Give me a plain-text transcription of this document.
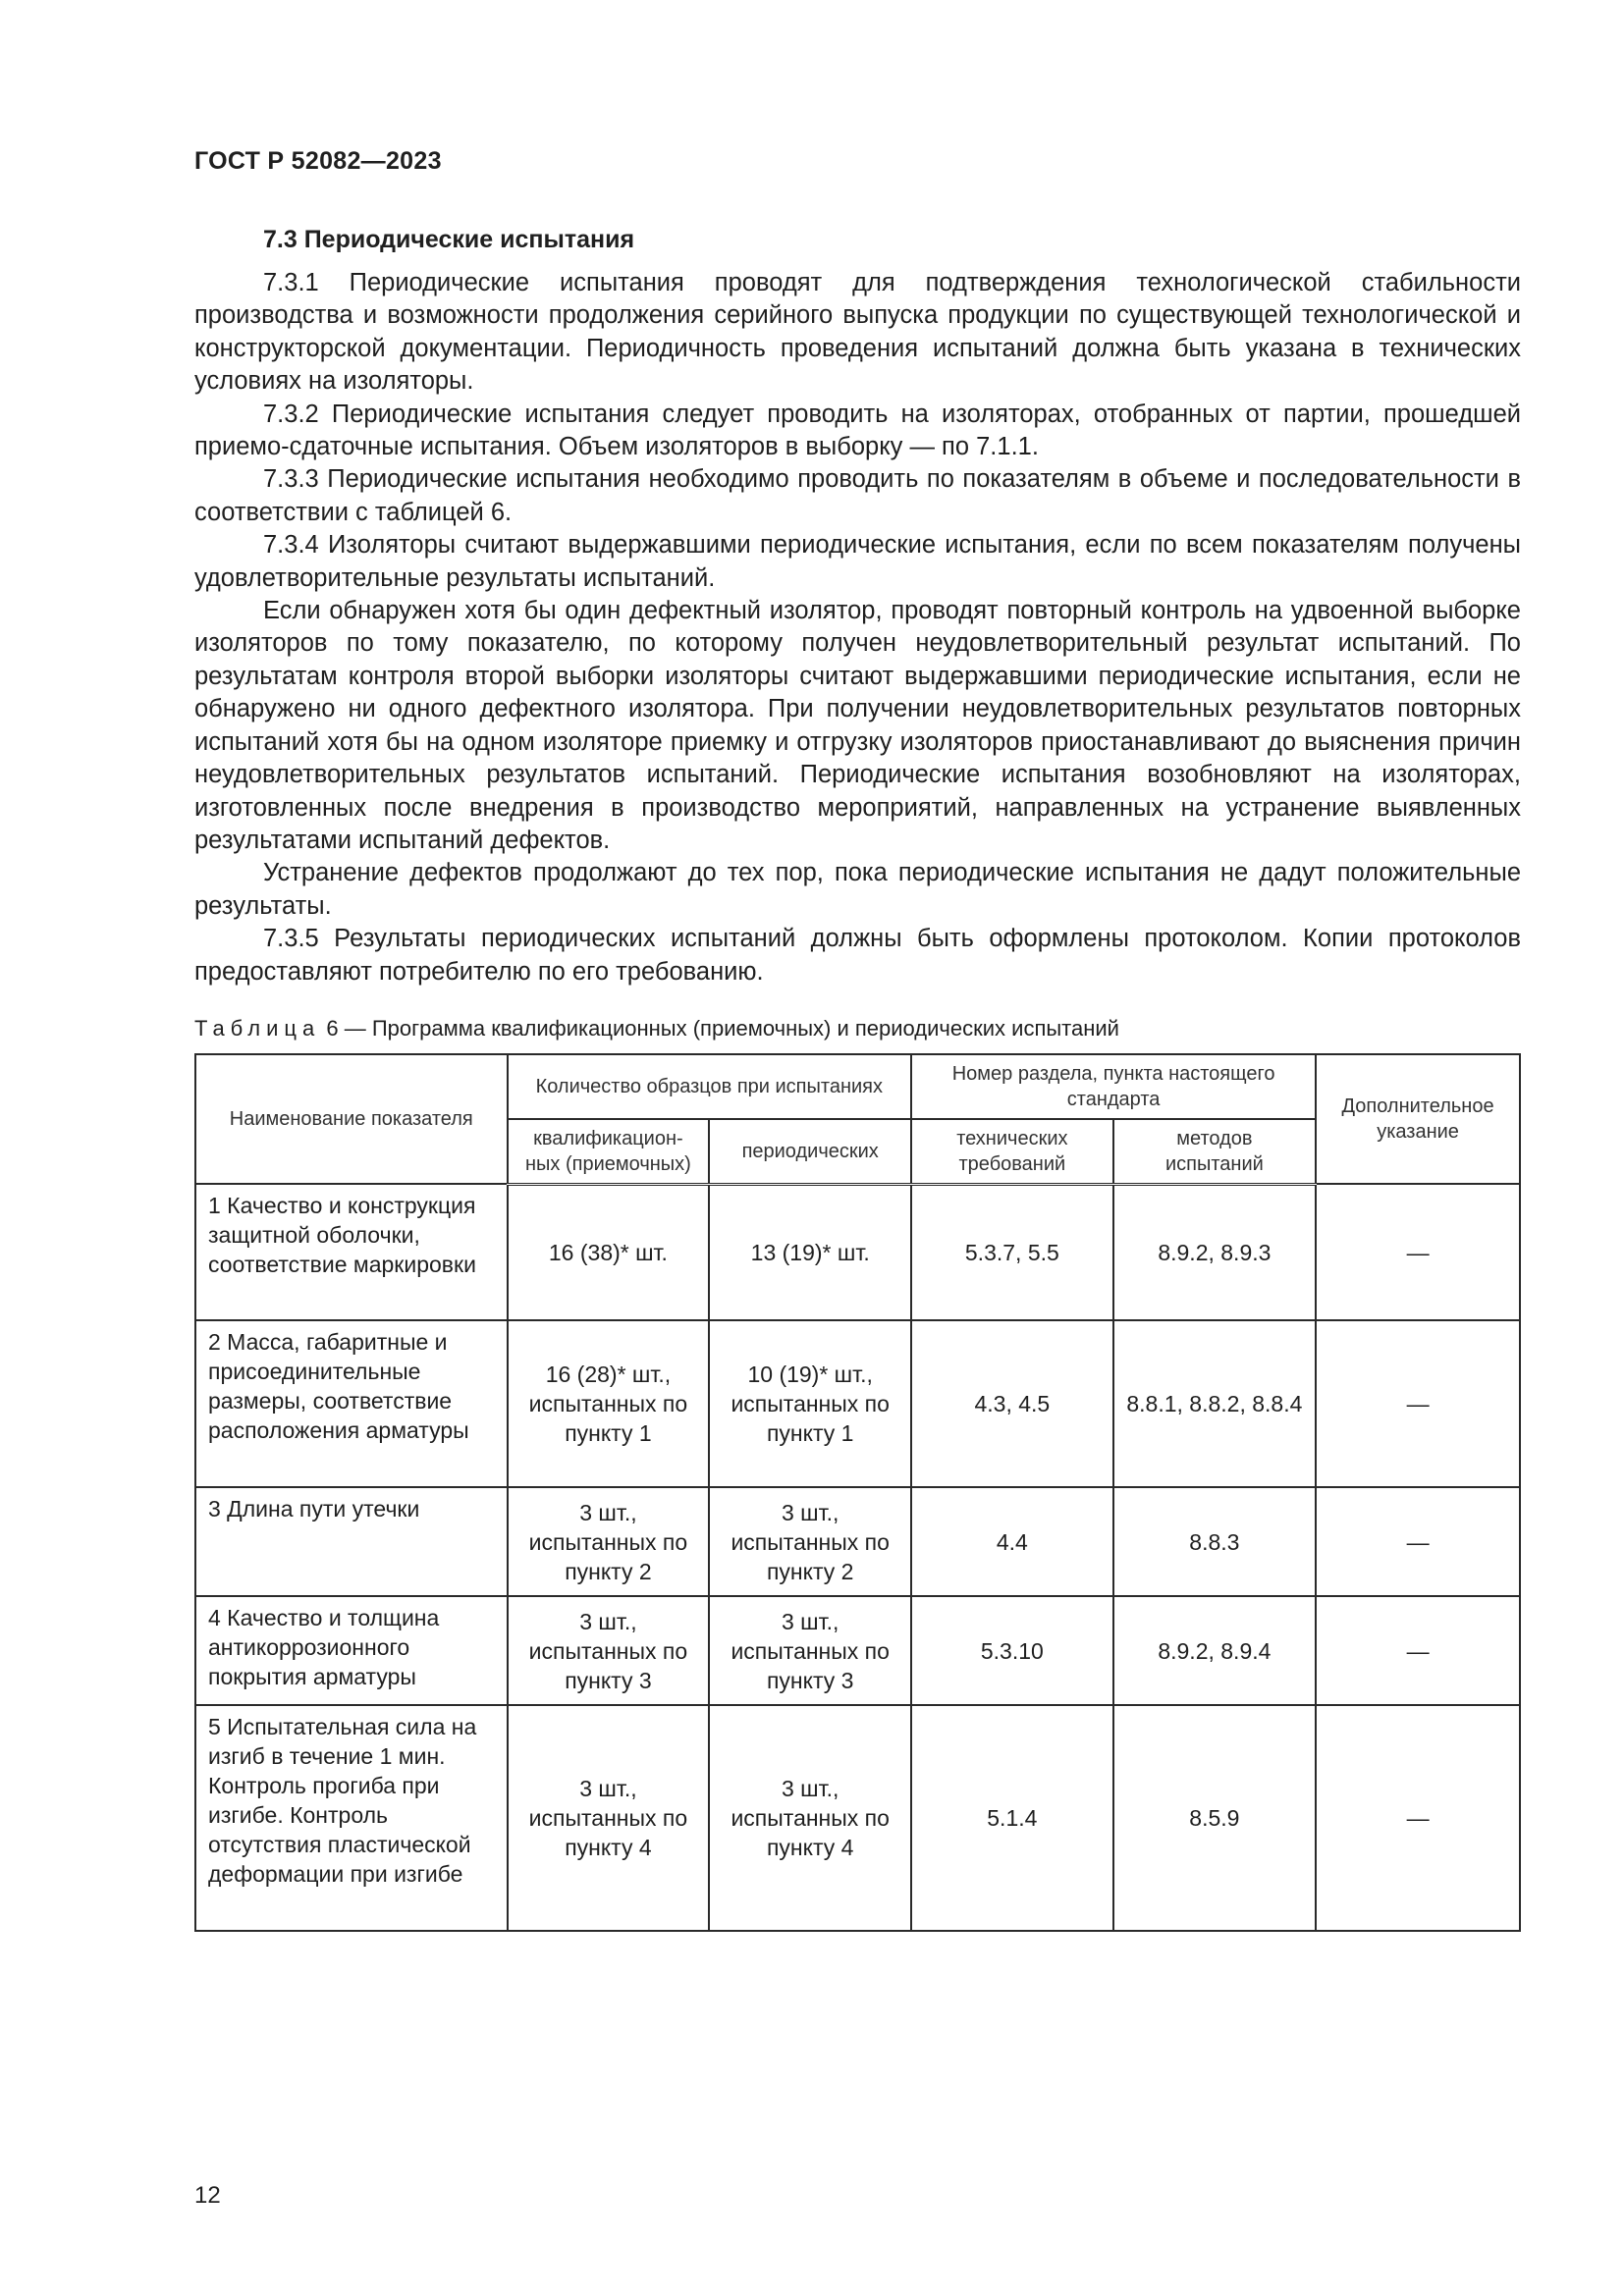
ГОСТ Р 52082—2023
7.3 Периодические испытания

7.3.1 Периодические испытания проводят для подтверждения технологической стабильности производства и возможности продолжения серийного выпуска продукции по существующей технологической и конструкторской документации. Периодичность проведения испытаний должна быть указана в технических условиях на изоляторы.

7.3.2 Периодические испытания следует проводить на изоляторах, отобранных от партии, прошедшей приемо-сдаточные испытания. Объем изоляторов в выборку — по 7.1.1.

7.3.3 Периодические испытания необходимо проводить по показателям в объеме и последовательности в соответствии с таблицей 6.

7.3.4 Изоляторы считают выдержавшими периодические испытания, если по всем показателям получены удовлетворительные результаты испытаний.

Если обнаружен хотя бы один дефектный изолятор, проводят повторный контроль на удвоенной выборке изоляторов по тому показателю, по которому получен неудовлетворительный результат испытаний. По результатам контроля второй выборки изоляторы считают выдержавшими периодические испытания, если не обнаружено ни одного дефектного изолятора. При получении неудовлетворительных результатов повторных испытаний хотя бы на одном изоляторе приемку и отгрузку изоляторов приостанавливают до выяснения причин неудовлетворительных результатов испытаний. Периодические испытания возобновляют на изоляторах, изготовленных после внедрения в производство мероприятий, направленных на устранение выявленных результатами испытаний дефектов.

Устранение дефектов продолжают до тех пор, пока периодические испытания не дадут положительные результаты.

7.3.5 Результаты периодических испытаний должны быть оформлены протоколом. Копии протоколов предоставляют потребителю по его требованию.

Таблица 6 — Программа квалификационных (приемочных) и периодических испытаний
Наименование показателя	Количество образцов при испытаниях		Номер раздела, пункта настоящего стандарта		Дополнительное указание
	квалификацион-ных (приемочных)	периодических	технических требований	методов испытаний	
1 Качество и конструкция защитной оболочки, соответствие маркировки	16 (38)* шт.	13 (19)* шт.	5.3.7, 5.5	8.9.2, 8.9.3	—
2 Масса, габаритные и присоединительные размеры, соответствие расположения арматуры	16 (28)* шт., испытанных по пункту 1	10 (19)* шт., испытанных по пункту 1	4.3, 4.5	8.8.1, 8.8.2, 8.8.4	—
3 Длина пути утечки	3 шт., испытанных по пункту 2	3 шт., испытанных по пункту 2	4.4	8.8.3	—
4 Качество и толщина антикоррозионного покрытия арматуры	3 шт., испытанных по пункту 3	3 шт., испытанных по пункту 3	5.3.10	8.9.2, 8.9.4	—
5 Испытательная сила на изгиб в течение 1 мин. Контроль прогиба при изгибе. Контроль отсутствия пластической деформации при изгибе	3 шт., испытанных по пункту 4	3 шт., испытанных по пункту 4	5.1.4	8.5.9	—
12
